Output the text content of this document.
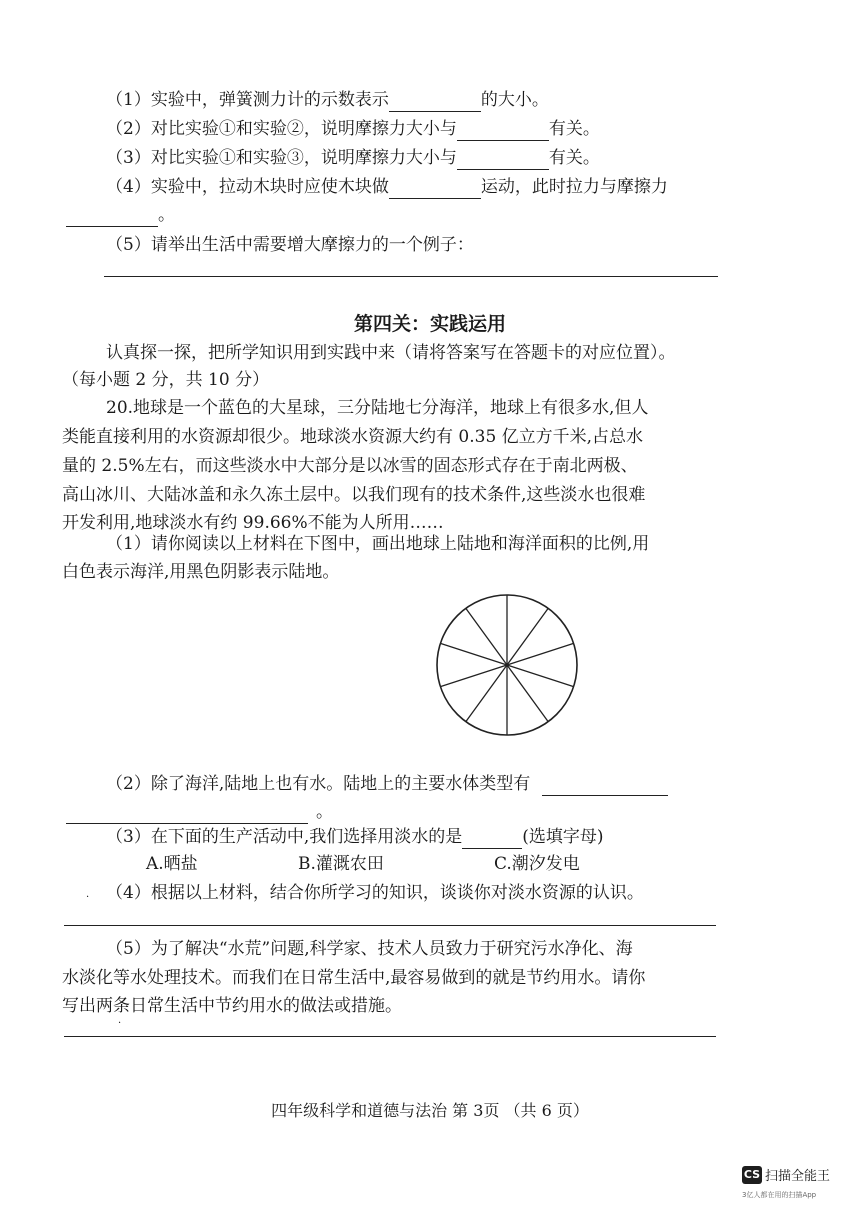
（1）实验中，弹簧测力计的示数表示	的大小。
（2）对比实验①和实验②，说明摩擦力大小与	有关。
（3）对比实验①和实验③，说明摩擦力大小与	有关。
（4）实验中，拉动木块时应使木块做	运动，此时拉力与摩擦力
。
（5）请举出生活中需要增大摩擦力的一个例子：
第四关：实践运用
认真探一探，把所学知识用到实践中来（请将答案写在答题卡的对应位置）。
（每小题 2 分，共 10 分）
20.地球是一个蓝色的大星球，三分陆地七分海洋，地球上有很多水,但人
类能直接利用的水资源却很少。地球淡水资源大约有 0.35 亿立方千米,占总水
量的 2.5%左右，而这些淡水中大部分是以冰雪的固态形式存在于南北两极、
高山冰川、大陆冰盖和永久冻土层中。以我们现有的技术条件,这些淡水也很难
开发利用,地球淡水有约 99.66%不能为人所用……
（1）请你阅读以上材料在下图中，画出地球上陆地和海洋面积的比例,用
白色表示海洋,用黑色阴影表示陆地。
（2）除了海洋,陆地上也有水。陆地上的主要水体类型有
。
（3）在下面的生产活动中,我们选择用淡水的是	(选填字母)
A.晒盐	B.灌溉农田	C.潮汐发电
（4）根据以上材料，结合你所学习的知识，谈谈你对淡水资源的认识。
（5）为了解决“水荒”问题,科学家、技术人员致力于研究污水净化、海
水淡化等水处理技术。而我们在日常生活中,最容易做到的就是节约用水。请你
写出两条日常生活中节约用水的做法或措施。
·
·
四年级科学和道德与法治 第 3页 （共 6 页）
CS 扫描全能王
3亿人都在用的扫描App
